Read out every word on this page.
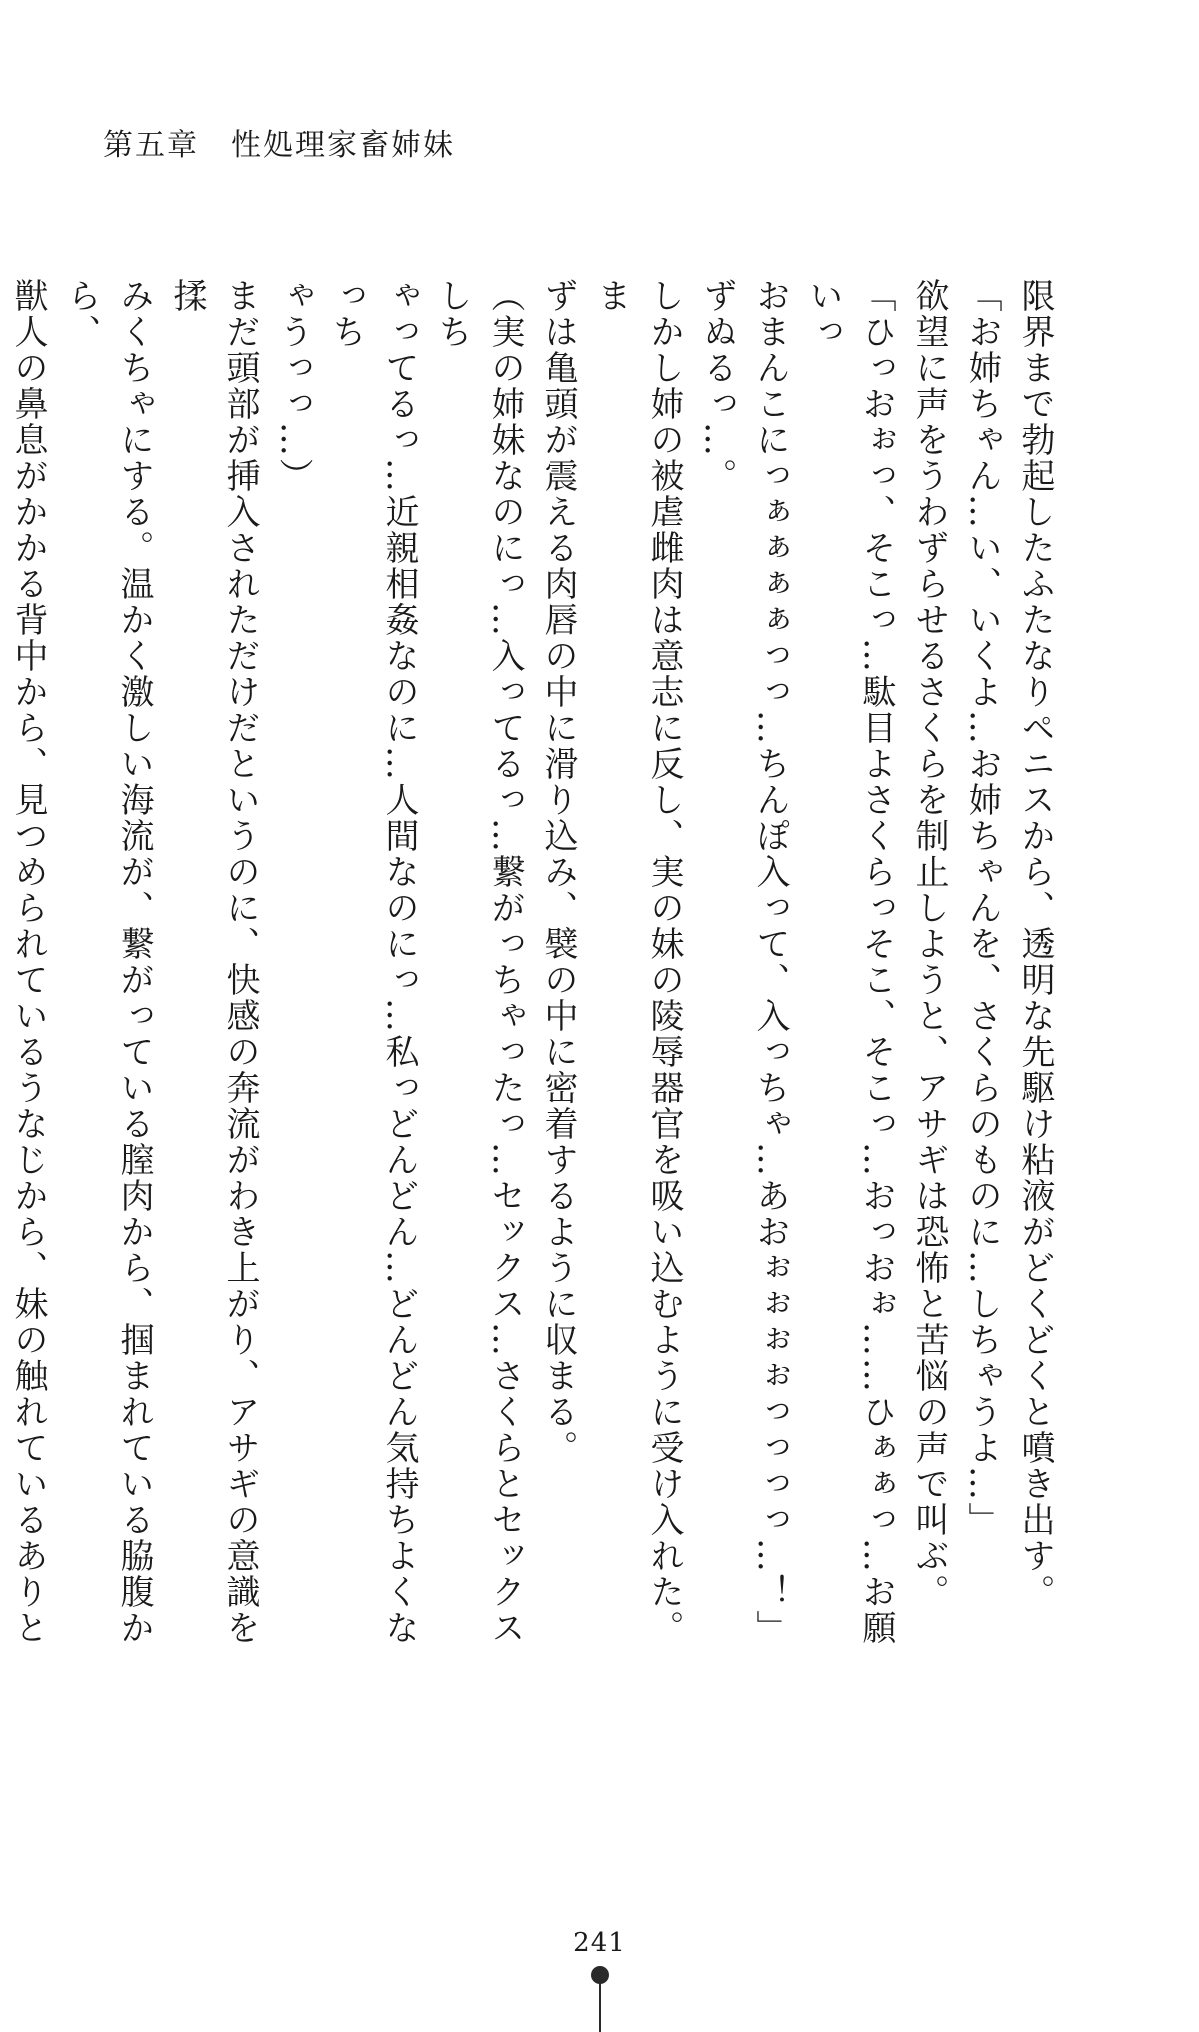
第五章　性処理家畜姉妹

限界まで勃起したふたなりペニスから、透明な先駆け粘液がどくどくと噴き出す。

「お姉ちゃん…い、いくよ…お姉ちゃんを、さくらのものに…しちゃうよ…」

欲望に声をうわずらせるさくらを制止しようと、アサギは恐怖と苦悩の声で叫ぶ。

「ひっおぉっ、そこっ…駄目よさくらっそこ、そこっ…おっおぉ……ひぁぁっ…お願いっ

おまんこにっぁぁぁぁっっ…ちんぽ入って、入っちゃ…あおぉぉぉぉっっっっ…！」

ずぬるっ…。

しかし姉の被虐雌肉は意志に反し、実の妹の陵辱器官を吸い込むように受け入れた。ま

ずは亀頭が震える肉唇の中に滑り込み、襞の中に密着するように収まる。

（実の姉妹なのにっ…入ってるっ…繋がっちゃったっ…セックス…さくらとセックスしち

ゃってるっ…近親相姦なのに…人間なのにっ…私っどんどん…どんどん気持ちよくなっち

ゃうっっ…）

まだ頭部が挿入されただけだというのに、快感の奔流がわき上がり、アサギの意識を揉

みくちゃにする。温かく激しい海流が、繋がっている膣肉から、掴まれている脇腹から、

獣人の鼻息がかかる背中から、見つめられているうなじから、妹の触れているありと

241
